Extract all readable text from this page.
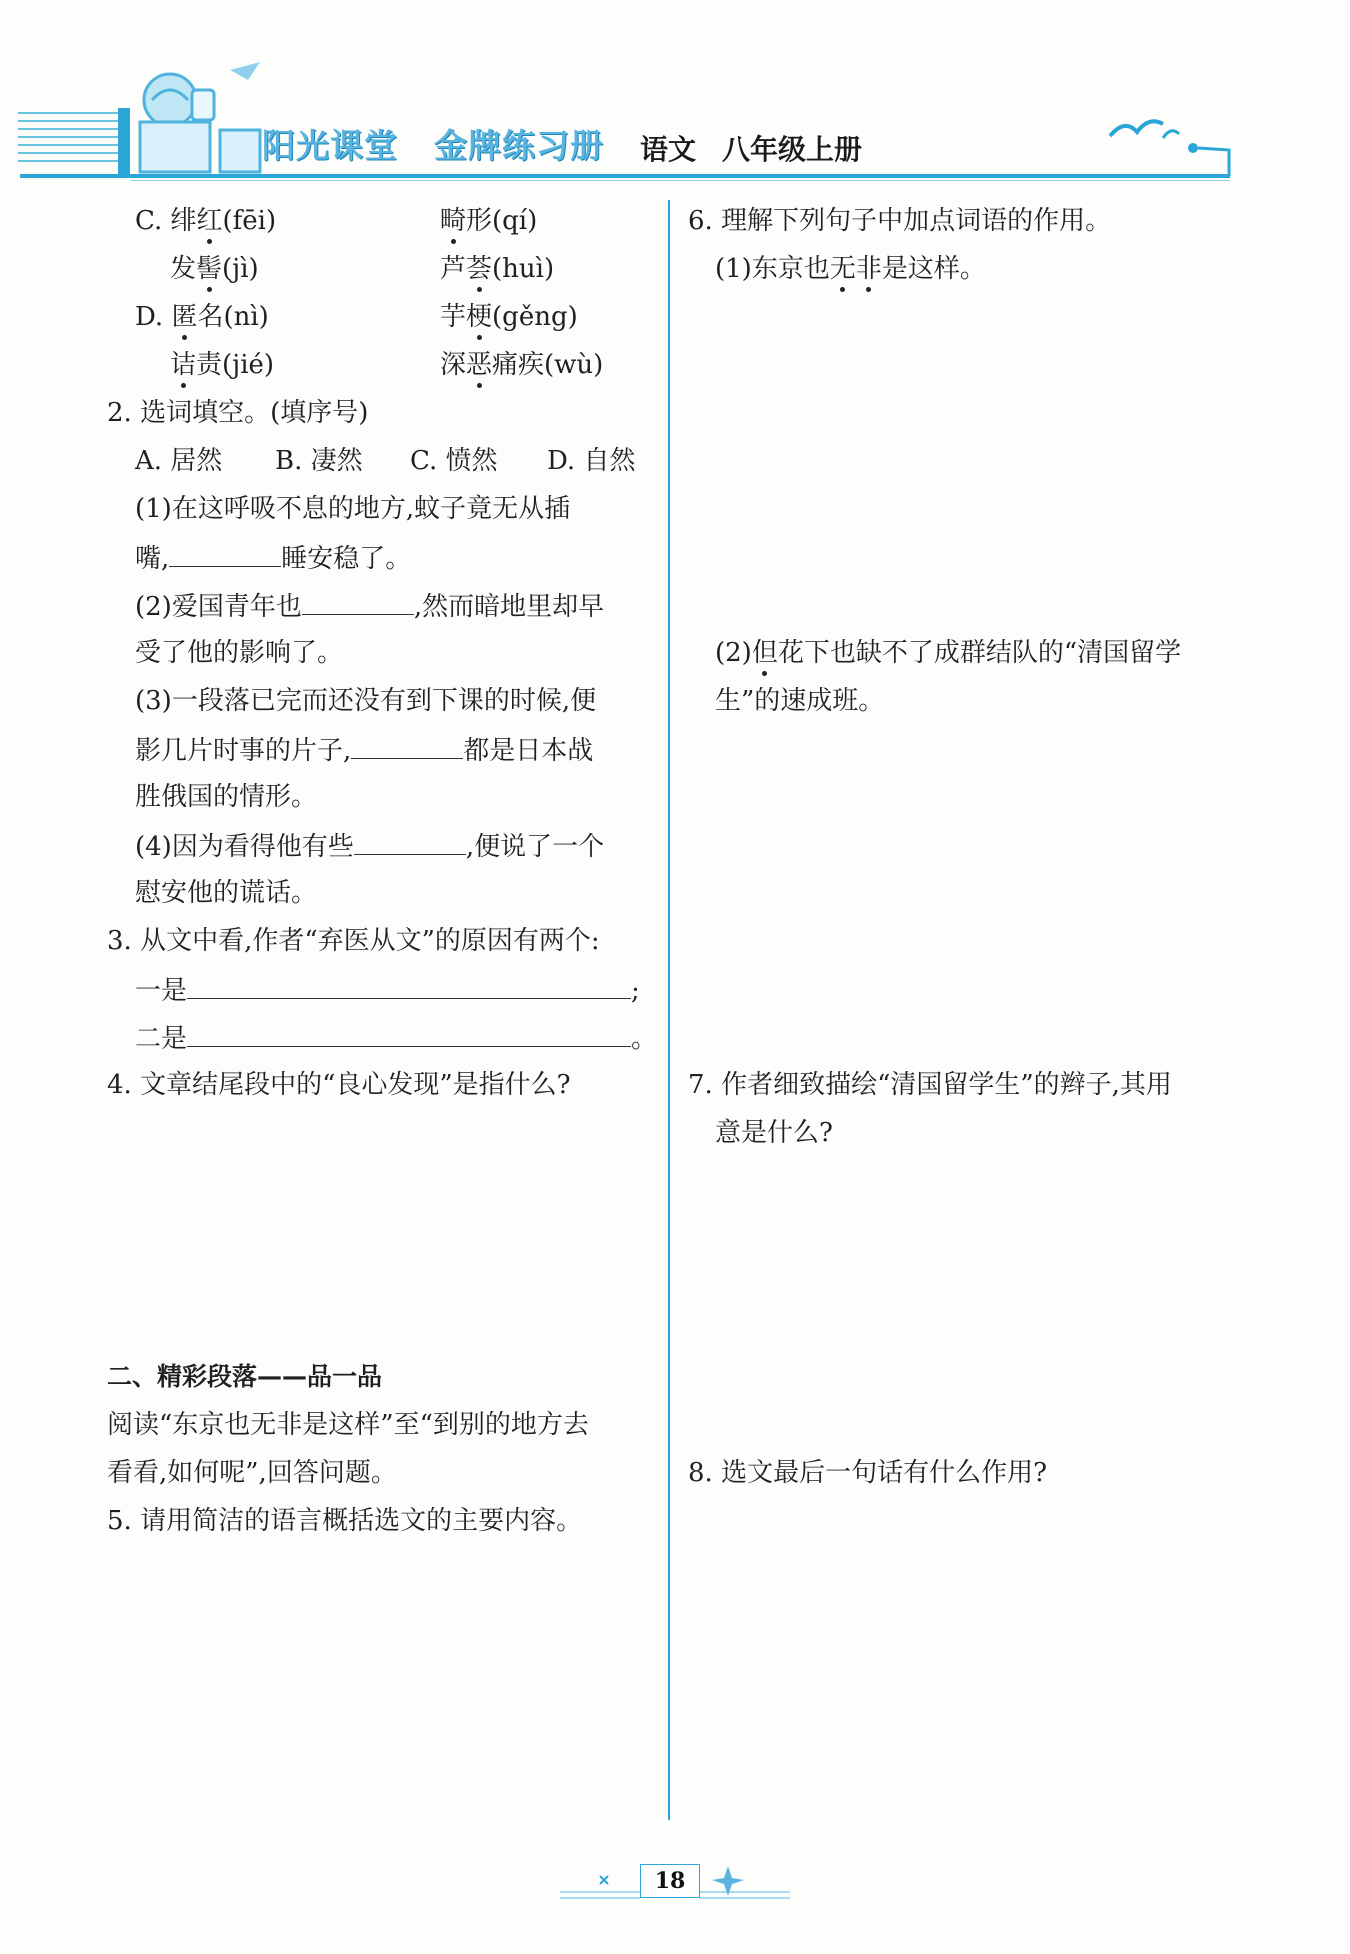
阳光课堂 金牌练习册 语文 八年级上册
C. 绯红(fēi)	畸形(qí)
发髻(jì)	芦荟(huì)
D. 匿名(nì)	芋梗(gěng)
诘责(jié)	深恶痛疾(wù)
2. 选词填空。(填序号)
A. 居然 B. 凄然 C. 愤然 D. 自然
(1)在这呼吸不息的地方,蚊子竟无从插
嘴,	睡安稳了。
(2)爱国青年也	,然而暗地里却早
受了他的影响了。
(3)一段落已完而还没有到下课的时候,便
影几片时事的片子,	都是日本战
胜俄国的情形。
(4)因为看得他有些	,便说了一个
慰安他的谎话。
3. 从文中看,作者“弃医从文”的原因有两个:
一是	;
二是	。
4. 文章结尾段中的“良心发现”是指什么?
二、精彩段落——品一品
阅读“东京也无非是这样”至“到别的地方去
看看,如何呢”,回答问题。
5. 请用简洁的语言概括选文的主要内容。
6. 理解下列句子中加点词语的作用。
(1)东京也无非是这样。
(2)但花下也缺不了成群结队的“清国留学
生”的速成班。
7. 作者细致描绘“清国留学生”的辫子,其用
意是什么?
8. 选文最后一句话有什么作用?
18
